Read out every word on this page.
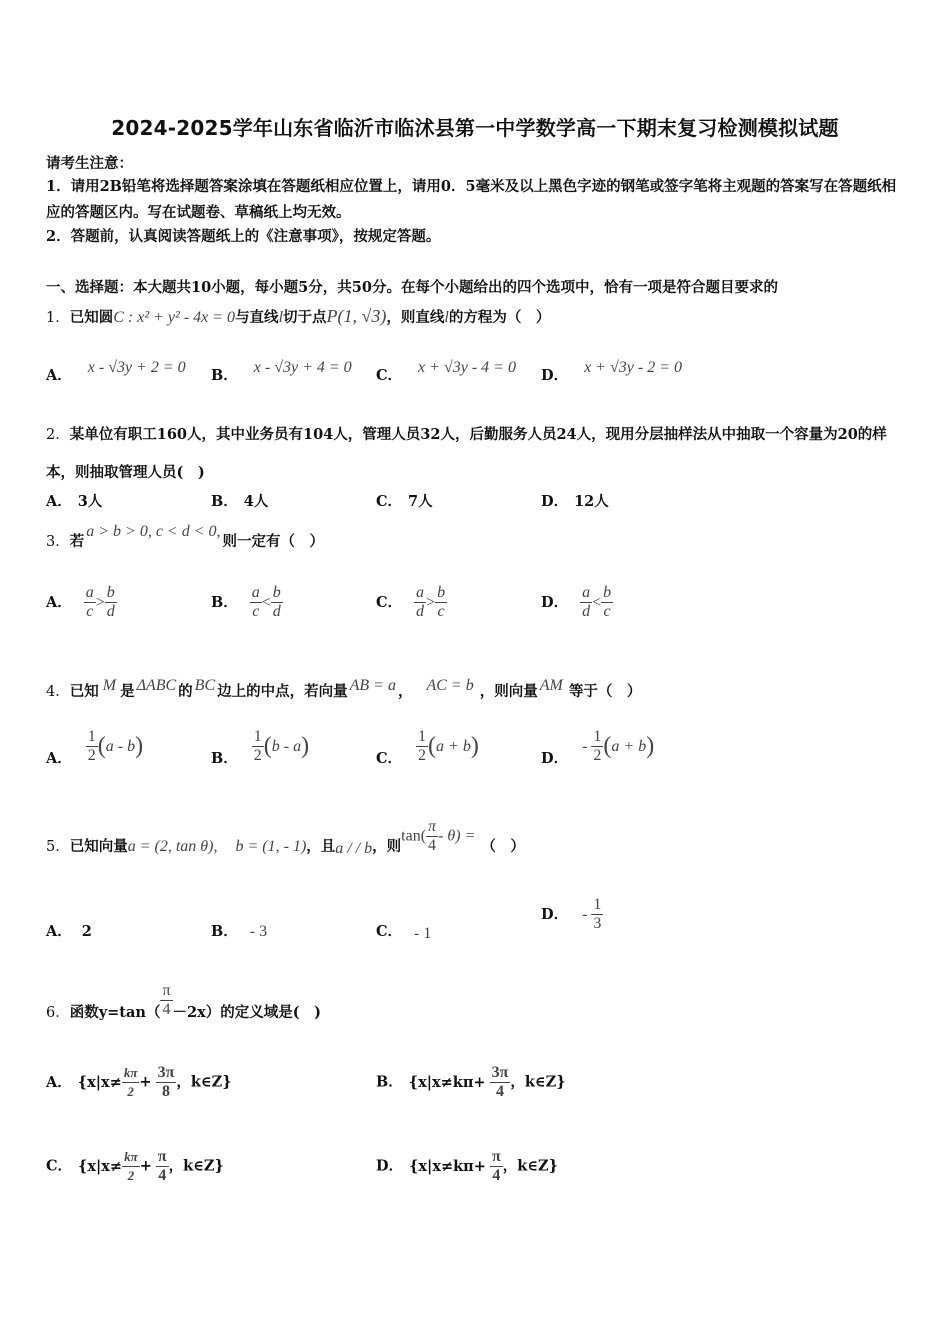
2024-2025学年山东省临沂市临沭县第一中学数学高一下期末复习检测模拟试题
请考生注意：
1．请用2B铅笔将选择题答案涂填在答题纸相应位置上，请用0．5毫米及以上黑色字迹的钢笔或签字笔将主观题的答案写在答题纸相应的答题区内。写在试题卷、草稿纸上均无效。
2．答题前，认真阅读答题纸上的《注意事项》，按规定答题。
一、选择题：本大题共10小题，每小题5分，共50分。在每个小题给出的四个选项中，恰有一项是符合题目要求的
1．已知圆C : x² + y² - 4x = 0与直线l切于点P(1, √3)，则直线l的方程为（　）
A． x - √3y + 2 = 0 B． x - √3y + 4 = 0 C． x + √3y - 4 = 0 D． x + √3y - 2 = 0
2．某单位有职工160人，其中业务员有104人，管理人员32人，后勤服务人员24人，现用分层抽样法从中抽取一个容量为20的样本，则抽取管理人员(　)
A． 3人	B． 4人	C． 7人	D． 12人
3．若a > b > 0, c < d < 0,则一定有（　）
A． $\frac{a}{c} > \frac{b}{d}$	B． $\frac{a}{c} < \frac{b}{d}$	C． $\frac{a}{d} > \frac{b}{c}$	D． $\frac{a}{d} < \frac{b}{c}$
4．已知 M 是 ΔABC 的 BC 边上的中点，若向量 AB = a ， AC = b ，则向量 AM 等于（　）
A． $\frac{1}{2} (a - b)$	B． $\frac{1}{2} (b - a)$	C． $\frac{1}{2} (a + b)$	D．- $\frac{1}{2} (a + b)$
5．已知向量a = (2, tan θ), b = (1, - 1)，且a / / b，则$\tan( \frac{\pi}{4} - \theta)$ =（　）
A． 2	B． - 3	C． - 1
D． - $\frac{1}{3}$
6．函数$y=\tan( \frac{\pi}{4} -2x)$的定义域是(　)
A． {$x|x\ne \frac{k\pi}{2} + \frac{3\pi}{8}$ ，k∈Z}	B． {$x|x\ne k\pi+ \frac{3\pi}{4}$ ，k∈Z}
C． {$x|x\ne \frac{k\pi}{2} + \frac{\pi}{4}$ ，k∈Z}	D． {$x|x\ne k\pi+ \frac{\pi}{4}$ ，k∈Z}
